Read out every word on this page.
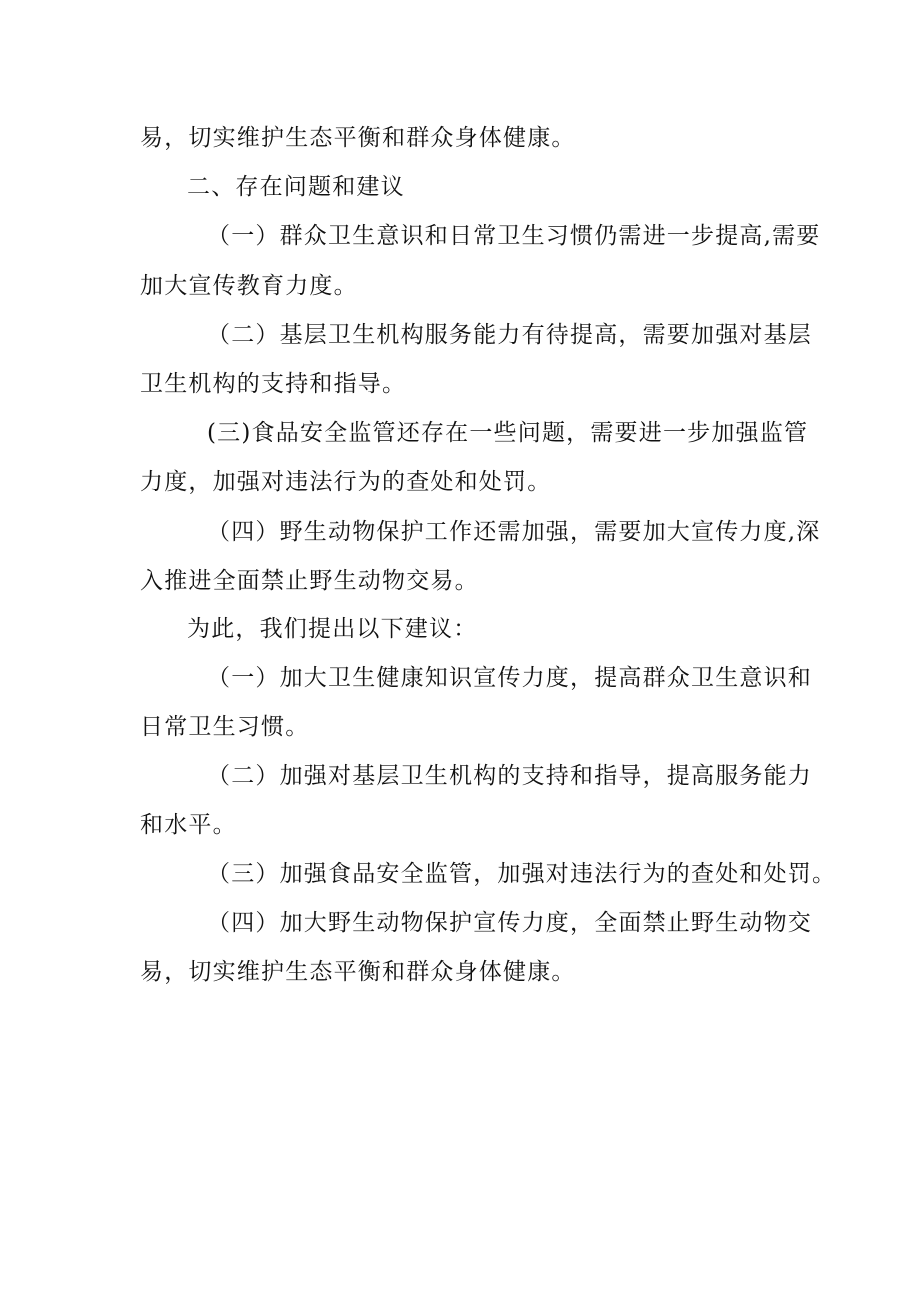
易，切实维护生态平衡和群众身体健康。

二、存在问题和建议

（一）群众卫生意识和日常卫生习惯仍需进一步提高,需要

加大宣传教育力度。

（二）基层卫生机构服务能力有待提高，需要加强对基层

卫生机构的支持和指导。

(三)食品安全监管还存在一些问题，需要进一步加强监管

力度，加强对违法行为的查处和处罚。

（四）野生动物保护工作还需加强，需要加大宣传力度,深

入推进全面禁止野生动物交易。

为此，我们提出以下建议：

（一）加大卫生健康知识宣传力度，提高群众卫生意识和

日常卫生习惯。

（二）加强对基层卫生机构的支持和指导，提高服务能力

和水平。

（三）加强食品安全监管，加强对违法行为的查处和处罚。

（四）加大野生动物保护宣传力度，全面禁止野生动物交

易，切实维护生态平衡和群众身体健康。
